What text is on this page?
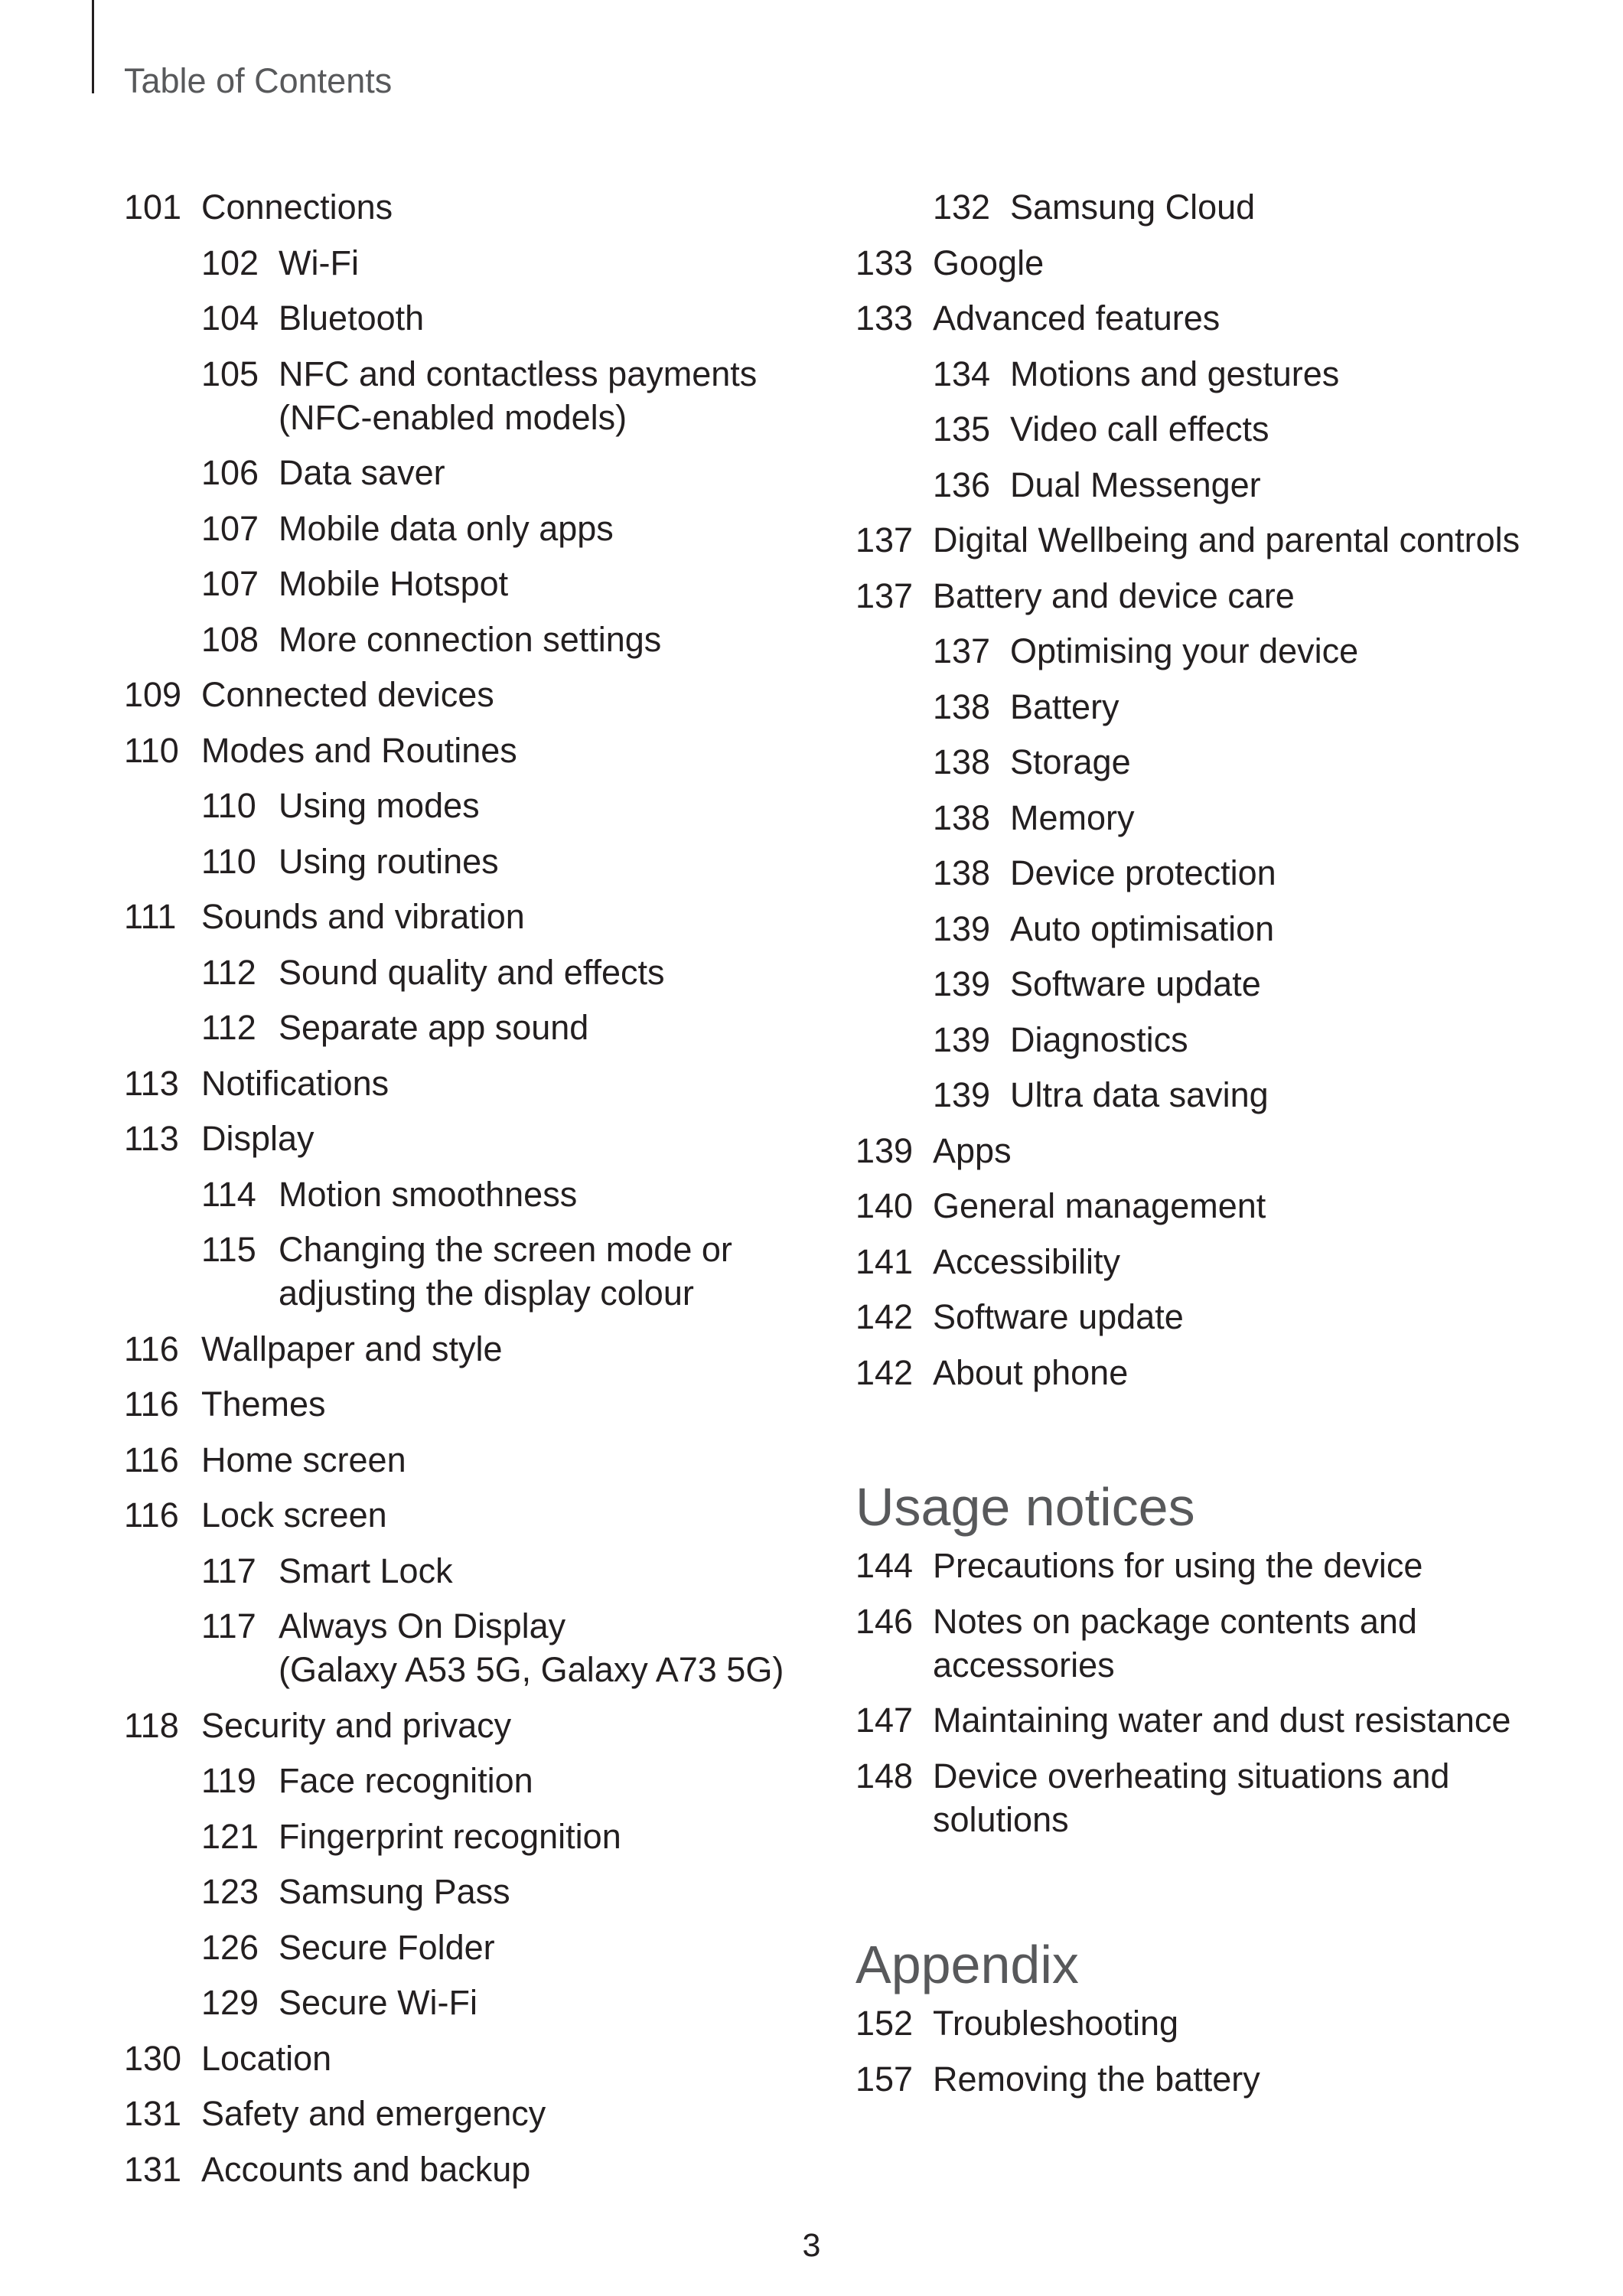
Table of Contents
101 Connections
102 Wi-Fi
104 Bluetooth
105 NFC and contactless payments
(NFC-enabled models)
106 Data saver
107 Mobile data only apps
107 Mobile Hotspot
108 More connection settings
109 Connected devices
110 Modes and Routines
110 Using modes
110 Using routines
111 Sounds and vibration
112 Sound quality and effects
112 Separate app sound
113 Notifications
113 Display
114 Motion smoothness
115 Changing the screen mode or
adjusting the display colour
116 Wallpaper and style
116 Themes
116 Home screen
116 Lock screen
117 Smart Lock
117 Always On Display
(Galaxy A53 5G, Galaxy A73 5G)
118 Security and privacy
119 Face recognition
121 Fingerprint recognition
123 Samsung Pass
126 Secure Folder
129 Secure Wi-Fi
130 Location
131 Safety and emergency
131 Accounts and backup
132 Samsung Cloud
133 Google
133 Advanced features
134 Motions and gestures
135 Video call effects
136 Dual Messenger
137 Digital Wellbeing and parental controls
137 Battery and device care
137 Optimising your device
138 Battery
138 Storage
138 Memory
138 Device protection
139 Auto optimisation
139 Software update
139 Diagnostics
139 Ultra data saving
139 Apps
140 General management
141 Accessibility
142 Software update
142 About phone
Usage notices
144 Precautions for using the device
146 Notes on package contents and
accessories
147 Maintaining water and dust resistance
148 Device overheating situations and
solutions
Appendix
152 Troubleshooting
157 Removing the battery
3
